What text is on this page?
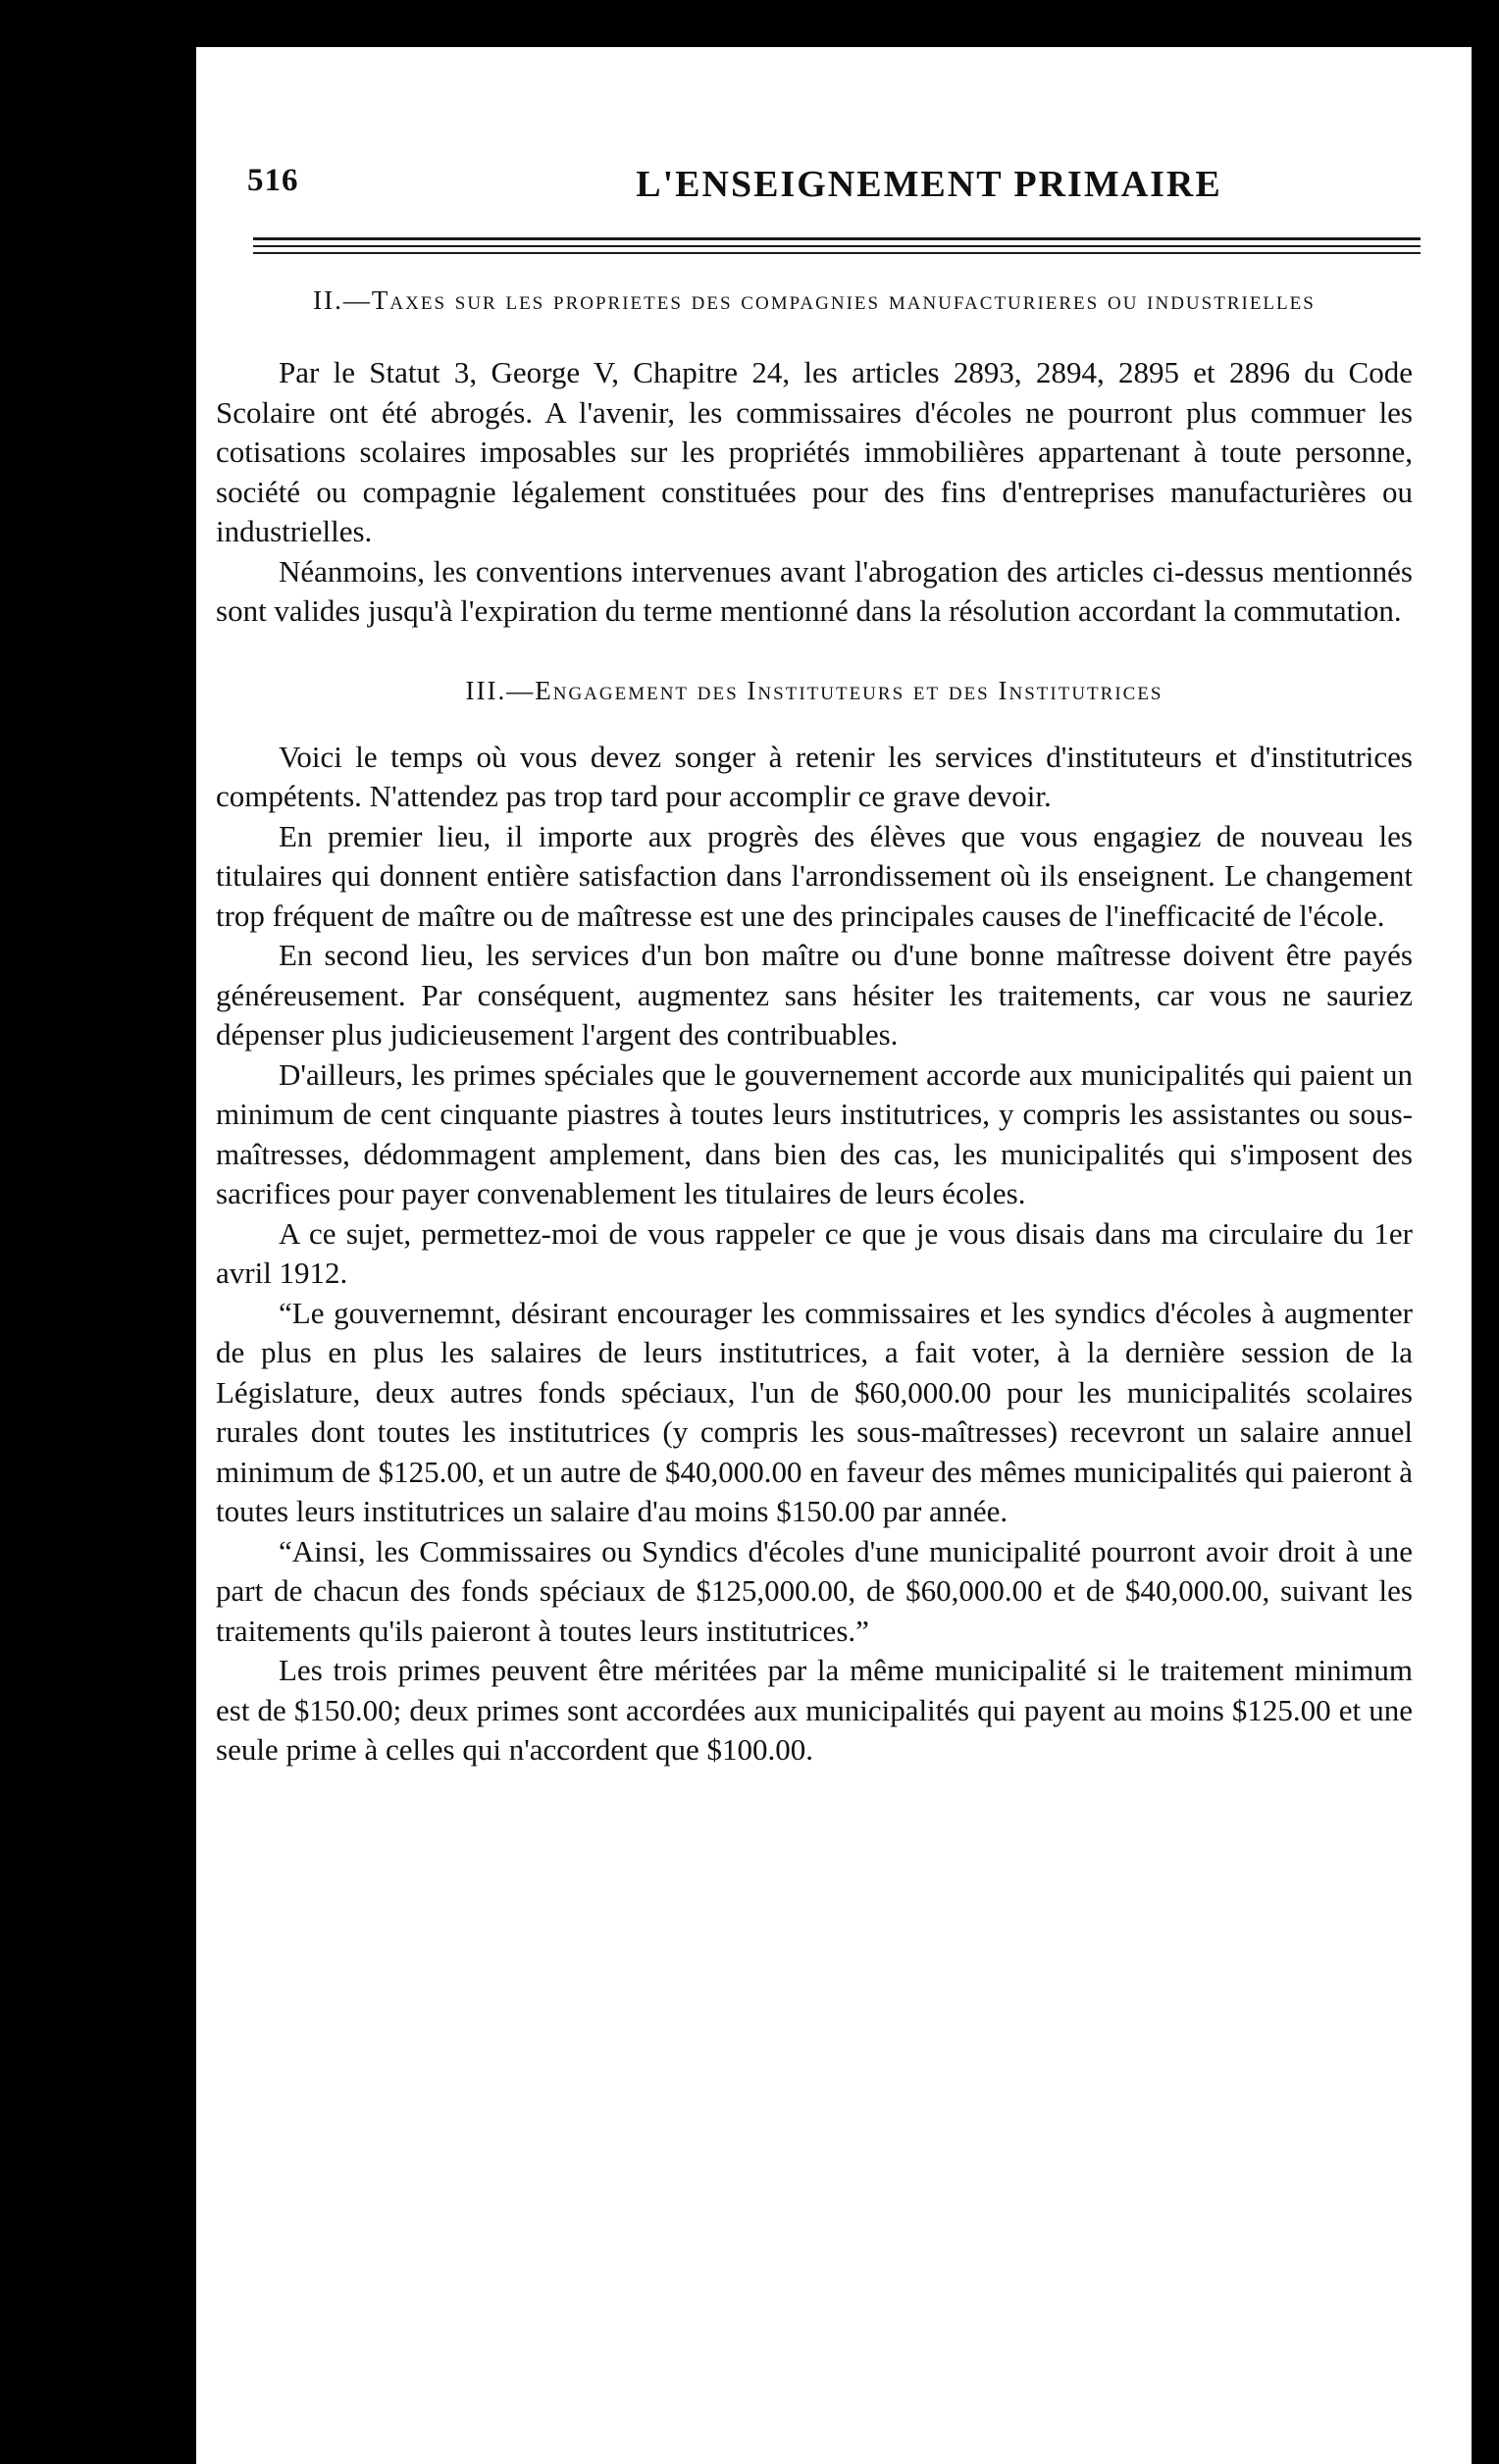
516	L'ENSEIGNEMENT PRIMAIRE
II.—Taxes sur les proprietes des compagnies manufacturieres ou industrielles

Par le Statut 3, George V, Chapitre 24, les articles 2893, 2894, 2895 et 2896 du Code Scolaire ont été abrogés. A l'avenir, les commissaires d'écoles ne pourront plus commuer les cotisations scolaires imposables sur les propriétés immobilières appartenant à toute personne, société ou compagnie légalement constituées pour des fins d'entreprises manufacturières ou industrielles.

Néanmoins, les conventions intervenues avant l'abrogation des articles ci-dessus mentionnés sont valides jusqu'à l'expiration du terme mentionné dans la résolution accordant la commutation.

III.—Engagement des Instituteurs et des Institutrices

Voici le temps où vous devez songer à retenir les services d'instituteurs et d'institutrices compétents. N'attendez pas trop tard pour accomplir ce grave devoir.

En premier lieu, il importe aux progrès des élèves que vous engagiez de nouveau les titulaires qui donnent entière satisfaction dans l'arrondissement où ils enseignent. Le changement trop fréquent de maître ou de maîtresse est une des principales causes de l'inefficacité de l'école.

En second lieu, les services d'un bon maître ou d'une bonne maîtresse doivent être payés généreusement. Par conséquent, augmentez sans hésiter les traitements, car vous ne sauriez dépenser plus judicieusement l'argent des contribuables.

D'ailleurs, les primes spéciales que le gouvernement accorde aux municipalités qui paient un minimum de cent cinquante piastres à toutes leurs institutrices, y compris les assistantes ou sous-maîtresses, dédommagent amplement, dans bien des cas, les municipalités qui s'imposent des sacrifices pour payer convenablement les titulaires de leurs écoles.

A ce sujet, permettez-moi de vous rappeler ce que je vous disais dans ma circulaire du 1er avril 1912.

“Le gouvernemnt, désirant encourager les commissaires et les syndics d'écoles à augmenter de plus en plus les salaires de leurs institutrices, a fait voter, à la dernière session de la Législature, deux autres fonds spéciaux, l'un de $60,000.00 pour les municipalités scolaires rurales dont toutes les institutrices (y compris les sous-maîtresses) recevront un salaire annuel minimum de $125.00, et un autre de $40,000.00 en faveur des mêmes municipalités qui paieront à toutes leurs institutrices un salaire d'au moins $150.00 par année.

“Ainsi, les Commissaires ou Syndics d'écoles d'une municipalité pourront avoir droit à une part de chacun des fonds spéciaux de $125,000.00, de $60,000.00 et de $40,000.00, suivant les traitements qu'ils paieront à toutes leurs institutrices.”

Les trois primes peuvent être méritées par la même municipalité si le traitement minimum est de $150.00; deux primes sont accordées aux municipalités qui payent au moins $125.00 et une seule prime à celles qui n'accordent que $100.00.
